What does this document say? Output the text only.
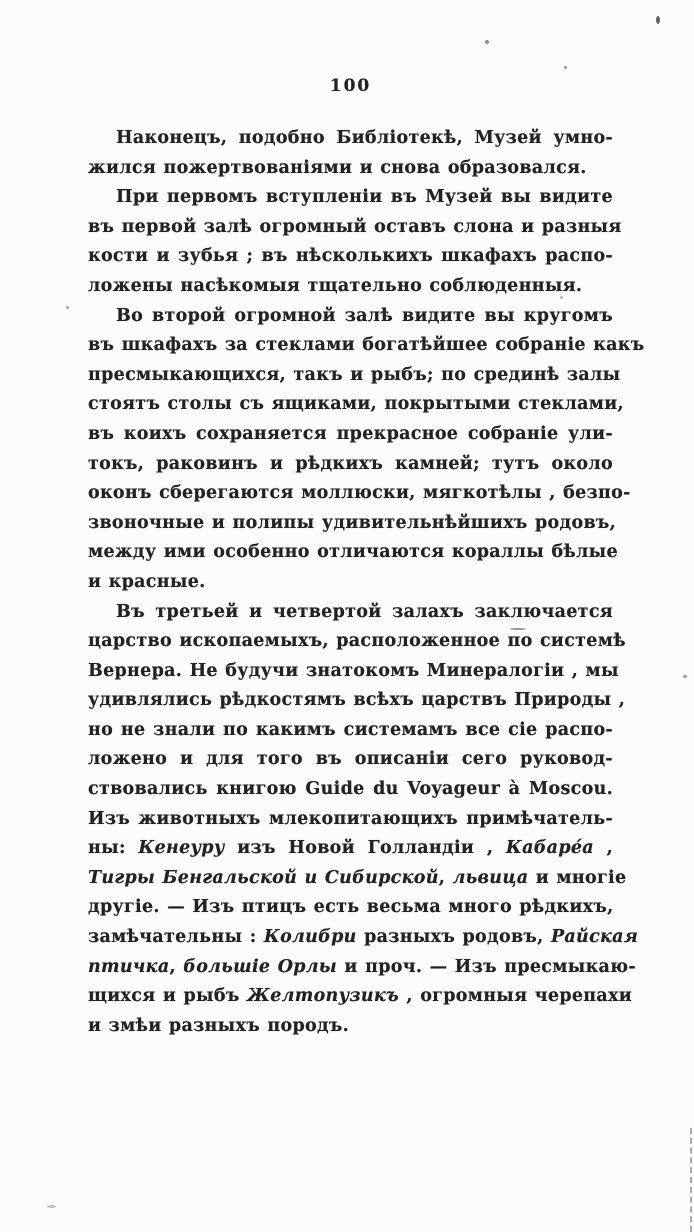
100
Наконецъ, подобно Библіотекѣ, Музей умно-
жился пожертвованіями и снова образовался.
При первомъ вступленіи въ Музей вы видите
въ первой залѣ огромный оставъ слона и разныя
кости и зубья ; въ нѣсколькихъ шкафахъ распо-
ложены насѣкомыя тщательно соблюденныя.
Во второй огромной залѣ видите вы кругомъ
въ шкафахъ за стеклами богатѣйшее собраніе какъ
пресмыкающихся, такъ и рыбъ; по срединѣ залы
стоятъ столы съ ящиками, покрытыми стеклами,
въ коихъ сохраняется прекрасное собраніе ули-
токъ, раковинъ и рѣдкихъ камней; тутъ около
оконъ сберегаются моллюски, мягкотѣлы , безпо-
звоночные и полипы удивительнѣйшихъ родовъ,
между ими особенно отличаются кораллы бѣлые
и красные.
Въ третьей и четвертой залахъ заключается
царство ископаемыхъ, расположенное по системѣ
Вернера. Не будучи знатокомъ Минералогіи , мы
удивлялись рѣдкостямъ всѣхъ царствъ Природы ,
но не знали по какимъ системамъ все сіе распо-
ложено и для того въ описаніи сего руковод-
ствовались книгою Guide du Voyageur à Moscou.
Изъ животныхъ млекопитающихъ примѣчатель-
ны: Кенеуру изъ Новой Голландіи , Кабаре́а ,
Тигры Бенгальской и Сибирской, львица и многіе
другіе. — Изъ птицъ есть весьма много рѣдкихъ,
замѣчательны : Колибри разныхъ родовъ, Райская
птичка, большіе Орлы и проч. — Изъ пресмыкаю-
щихся и рыбъ Желтопузикъ , огромныя черепахи
и змѣи разныхъ породъ.
